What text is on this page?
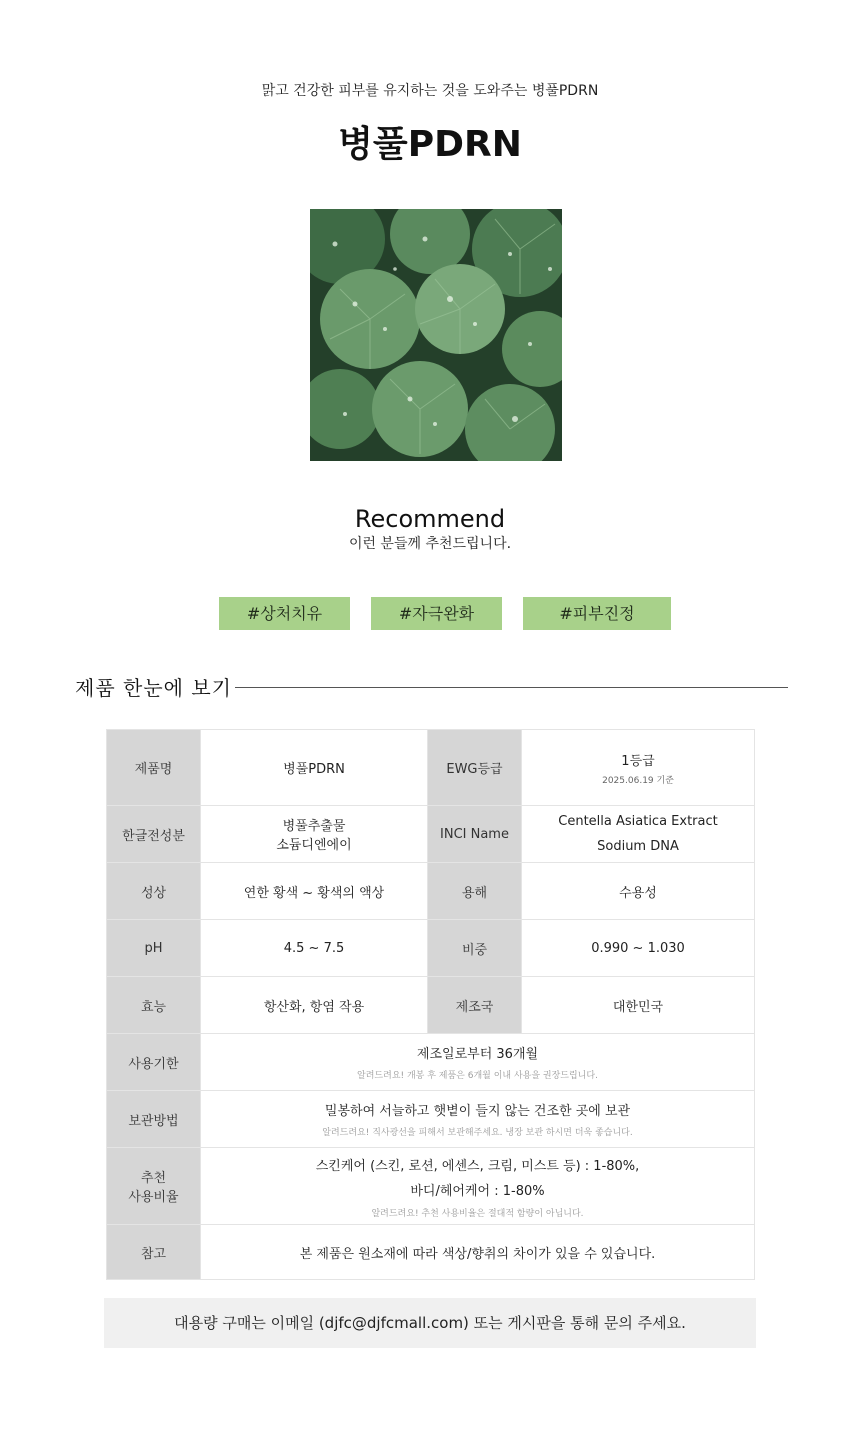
맑고 건강한 피부를 유지하는 것을 도와주는 병풀PDRN
병풀PDRN
Recommend
이런 분들께 추천드립니다.
#상처치유	#자극완화	#피부진정
제품 한눈에 보기
제품명	병풀PDRN	EWG등급	1등급
2025.06.19 기준

한글전성분	병풀추출물
소듐디엔에이	INCI Name	Centella Asiatica Extract
Sodium DNA

성상	연한 황색 ~ 황색의 액상	용해	수용성
pH	4.5 ~ 7.5	비중	0.990 ~ 1.030
효능	항산화, 항염 작용	제조국	대한민국
사용기한	제조일로부터 36개월
알려드려요! 개봉 후 제품은 6개월 이내 사용을 권장드립니다.		

보관방법	밀봉하여 서늘하고 햇볕이 들지 않는 건조한 곳에 보관
알려드려요! 직사광선을 피해서 보관해주세요. 냉장 보관 하시면 더욱 좋습니다.		

추천
사용비율	스킨케어 (스킨, 로션, 에센스, 크림, 미스트 등) : 1-80%,
바디/헤어케어 : 1-80%
알려드려요! 추천 사용비율은 절대적 함량이 아닙니다.		

참고	본 제품은 원소재에 따라 색상/향취의 차이가 있을 수 있습니다.		
대용량 구매는 이메일 (djfc@djfcmall.com) 또는 게시판을 통해 문의 주세요.
